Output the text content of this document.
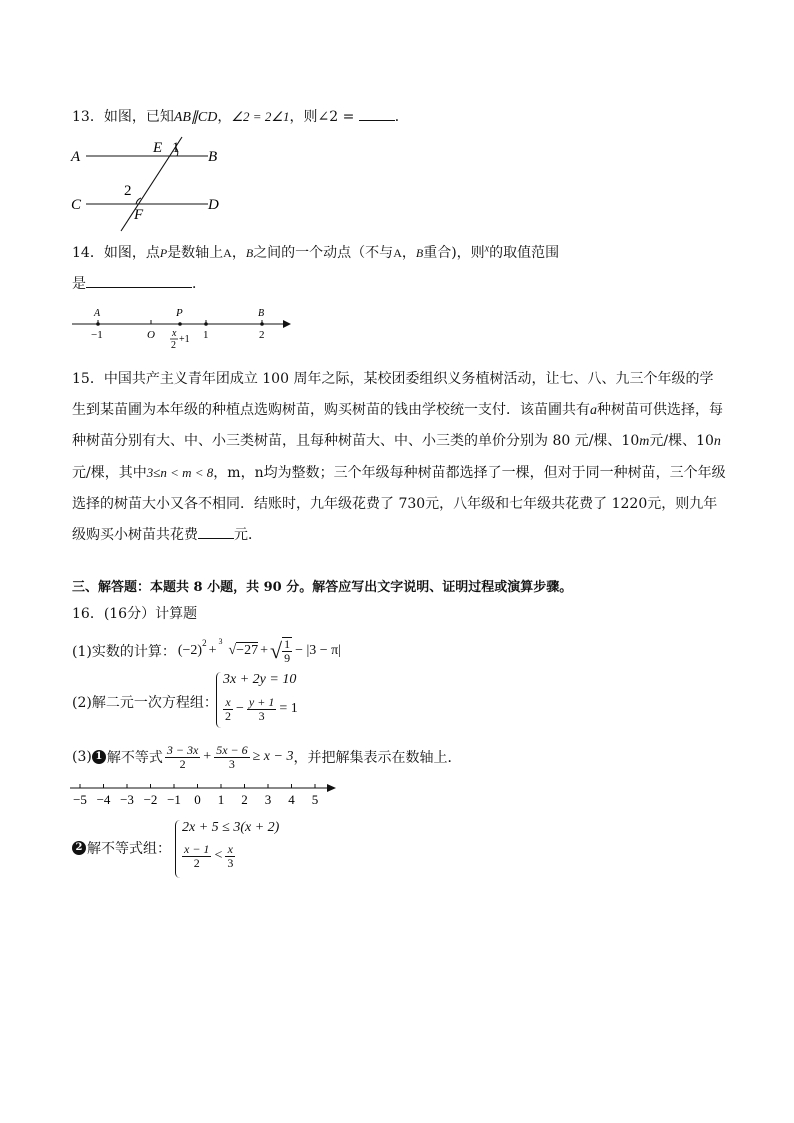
13．如图，已知AB∥CD，∠2 = 2∠1，则∠2 =	．
A	B
C	D
E
F
1
2
14．如图，点P是数轴上A，B之间的一个动点（不与A，B重合)，则$^x$的取值范围
是	．
A	P	B
−1	O	1	2
x
2
+1
15．中国共产主义青年团成立 100 周年之际，某校团委组织义务植树活动，让七、八、九三个年级的学生到某苗圃为本年级的种植点选购树苗，购买树苗的钱由学校统一支付．该苗圃共有a种树苗可供选择，每种树苗分别有大、中、小三类树苗，且每种树苗大、中、小三类的单价分别为 80 元/棵、10m元/棵、10n元/棵，其中3≤n < m < 8，m，n均为整数；三个年级每种树苗都选择了一棵，但对于同一种树苗，三个年级选择的树苗大小又各不相同．结账时，九年级花费了 730元，八年级和七年级共花费了 1220元，则九年级购买小树苗共花费	元．
三、解答题：本题共 8 小题，共 90 分。解答应写出文字说明、证明过程或演算步骤。
16．(16分）计算题
(1)实数的计算： $(-2)^2$ +
3
√−27 + √ $\frac{1}{9} - |3 - \pi|$
(2)解二元一次方程组：
3x + 2y = 10
$\frac{x}{2} - \frac{y + 1}{3} = 1$
(3) 1 解不等式 $\frac{3 - 3x}{2} + \frac{5x - 6}{3} \ge x - 3$ ，并把解集表示在数轴上．
−5 −4 −3 −2 −1 0 1 2 3 4 5
2 解不等式组：
2x + 5 ≤ 3(x + 2)
$\frac{x - 1}{2} < \frac{x}{3}$
